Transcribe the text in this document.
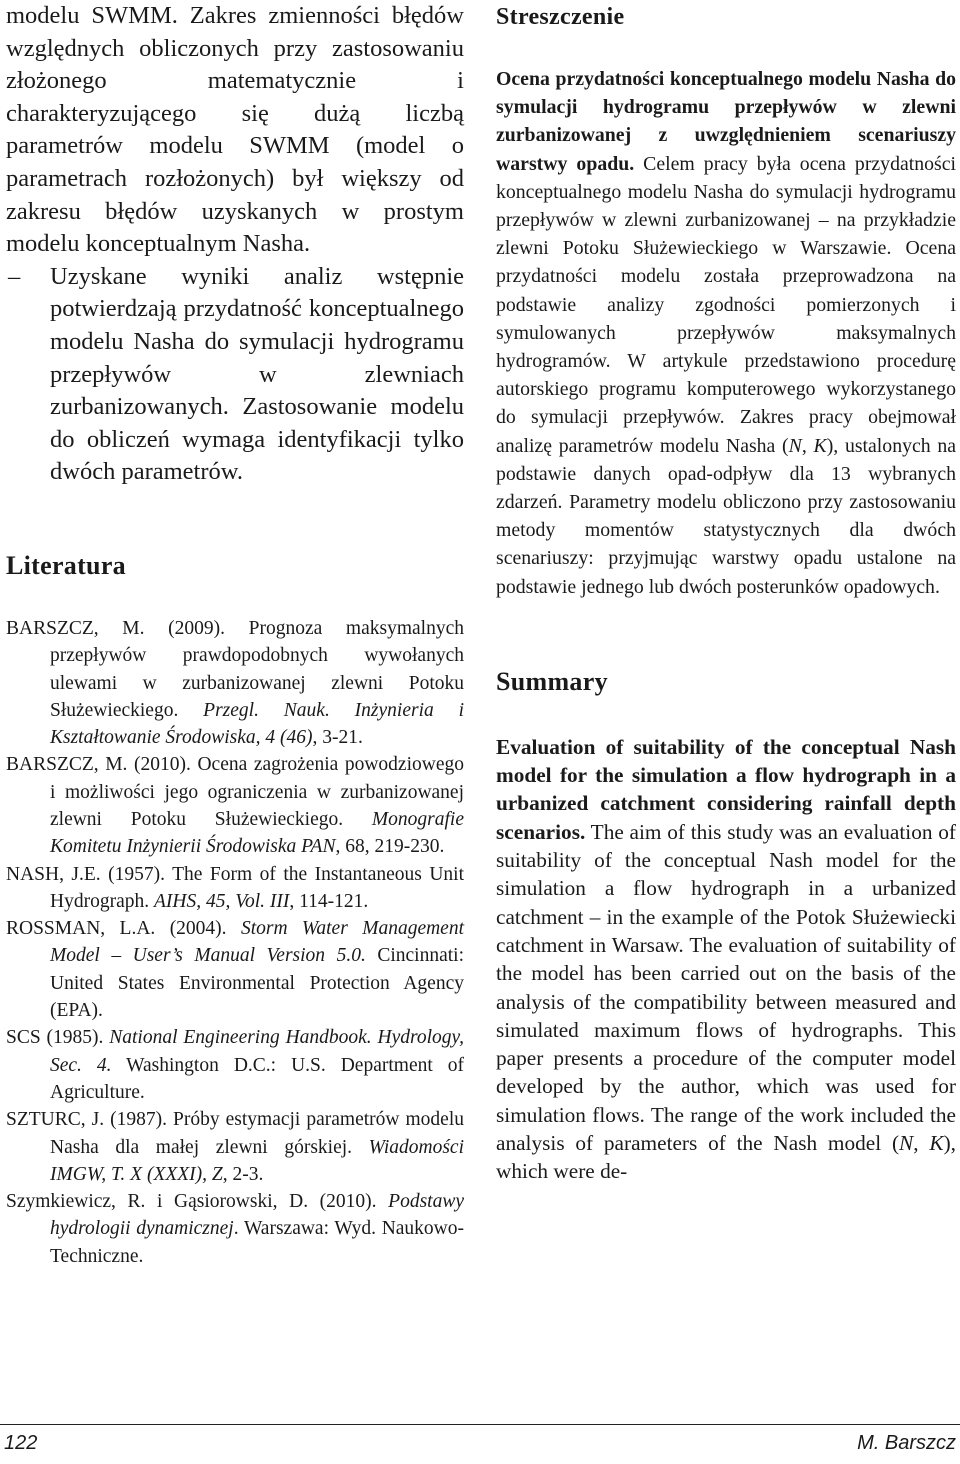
modelu SWMM. Zakres zmienności błędów względnych obliczonych przy zastosowaniu złożonego matematycznie i charakteryzującego się dużą liczbą parametrów modelu SWMM (model o parametrach rozłożonych) był większy od zakresu błędów uzyskanych w prostym modelu konceptualnym Nasha.

– Uzyskane wyniki analiz wstępnie potwierdzają przydatność konceptualnego modelu Nasha do symulacji hydrogramu przepływów w zlewniach zurbanizowanych. Zastosowanie modelu do obliczeń wymaga identyfikacji tylko dwóch parametrów.

Literatura

BARSZCZ, M. (2009). Prognoza maksymalnych przepływów prawdopodobnych wywołanych ulewami w zurbanizowanej zlewni Potoku Służewieckiego. Przegl. Nauk. Inżynieria i Kształtowanie Środowiska, 4 (46), 3-21.

BARSZCZ, M. (2010). Ocena zagrożenia powodziowego i możliwości jego ograniczenia w zurbanizowanej zlewni Potoku Służewieckiego. Monografie Komitetu Inżynierii Środowiska PAN, 68, 219-230.

NASH, J.E. (1957). The Form of the Instantaneous Unit Hydrograph. AIHS, 45, Vol. III, 114-121.

ROSSMAN, L.A. (2004). Storm Water Management Model – User’s Manual Version 5.0. Cincinnati: United States Environmental Protection Agency (EPA).

SCS (1985). National Engineering Handbook. Hydrology, Sec. 4. Washington D.C.: U.S. Department of Agriculture.

SZTURC, J. (1987). Próby estymacji parametrów modelu Nasha dla małej zlewni górskiej. Wiadomości IMGW, T. X (XXXI), Z, 2-3.

Szymkiewicz, R. i Gąsiorowski, D. (2010). Podstawy hydrologii dynamicznej. Warszawa: Wyd. Naukowo-Techniczne.

Streszczenie

Ocena przydatności konceptualnego modelu Nasha do symulacji hydrogramu przepływów w zlewni zurbanizowanej z uwzględnieniem scenariuszy warstwy opadu. Celem pracy była ocena przydatności konceptualnego modelu Nasha do symulacji hydrogramu przepływów w zlewni zurbanizowanej – na przykładzie zlewni Potoku Służewieckiego w Warszawie. Ocena przydatności modelu została przeprowadzona na podstawie analizy zgodności pomierzonych i symulowanych przepływów maksymalnych hydrogramów. W artykule przedstawiono procedurę autorskiego programu komputerowego wykorzystanego do symulacji przepływów. Zakres pracy obejmował analizę parametrów modelu Nasha (N, K), ustalonych na podstawie danych opad-odpływ dla 13 wybranych zdarzeń. Parametry modelu obliczono przy zastosowaniu metody momentów statystycznych dla dwóch scenariuszy: przyjmując warstwy opadu ustalone na podstawie jednego lub dwóch posterunków opadowych.

Summary

Evaluation of suitability of the conceptual Nash model for the simulation a flow hydrograph in a urbanized catchment considering rainfall depth scenarios. The aim of this study was an evaluation of suitability of the conceptual Nash model for the simulation a flow hydrograph in a urbanized catchment – in the example of the Potok Służewiecki catchment in Warsaw. The evaluation of suitability of the model has been carried out on the basis of the analysis of the compatibility between measured and simulated maximum flows of hydrographs. This paper presents a procedure of the computer model developed by the author, which was used for simulation flows. The range of the work included the analysis of parameters of the Nash model (N, K), which were de-

122	M. Barszcz
